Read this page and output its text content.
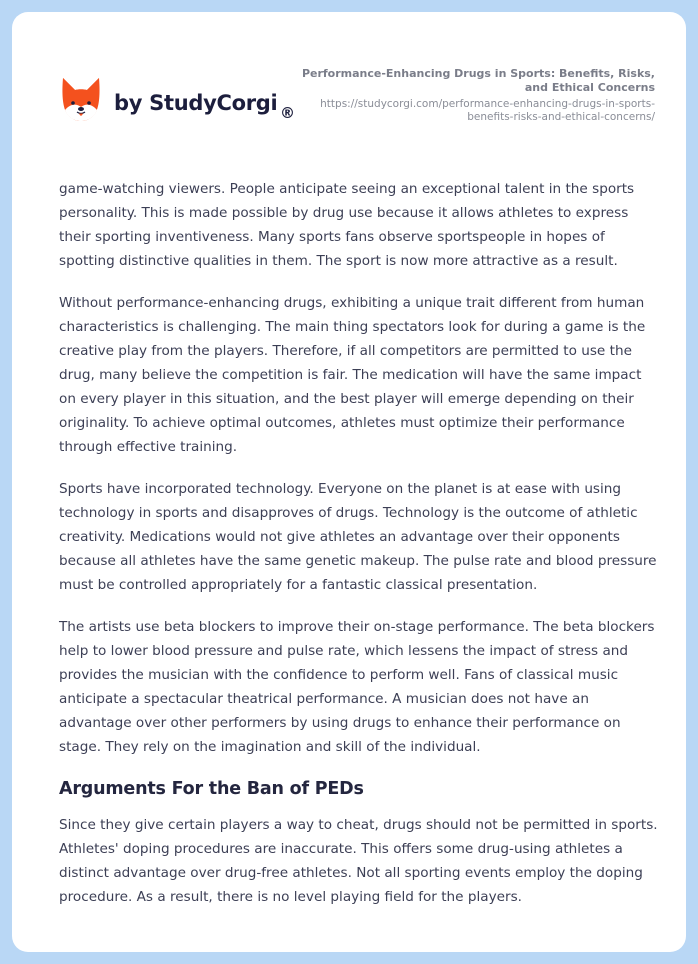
by StudyCorgi ®
Performance-Enhancing Drugs in Sports: Benefits, Risks, and Ethical Concerns
https://studycorgi.com/performance-enhancing-drugs-in-sports-benefits-risks-and-ethical-concerns/

game-watching viewers. People anticipate seeing an exceptional talent in the sports personality. This is made possible by drug use because it allows athletes to express their sporting inventiveness. Many sports fans observe sportspeople in hopes of spotting distinctive qualities in them. The sport is now more attractive as a result.

Without performance-enhancing drugs, exhibiting a unique trait different from human characteristics is challenging. The main thing spectators look for during a game is the creative play from the players. Therefore, if all competitors are permitted to use the drug, many believe the competition is fair. The medication will have the same impact on every player in this situation, and the best player will emerge depending on their originality. To achieve optimal outcomes, athletes must optimize their performance through effective training.

Sports have incorporated technology. Everyone on the planet is at ease with using technology in sports and disapproves of drugs. Technology is the outcome of athletic creativity. Medications would not give athletes an advantage over their opponents because all athletes have the same genetic makeup. The pulse rate and blood pressure must be controlled appropriately for a fantastic classical presentation.

The artists use beta blockers to improve their on-stage performance. The beta blockers help to lower blood pressure and pulse rate, which lessens the impact of stress and provides the musician with the confidence to perform well. Fans of classical music anticipate a spectacular theatrical performance. A musician does not have an advantage over other performers by using drugs to enhance their performance on stage. They rely on the imagination and skill of the individual.

Arguments For the Ban of PEDs

Since they give certain players a way to cheat, drugs should not be permitted in sports. Athletes' doping procedures are inaccurate. This offers some drug-using athletes a distinct advantage over drug-free athletes. Not all sporting events employ the doping procedure. As a result, there is no level playing field for the players.
